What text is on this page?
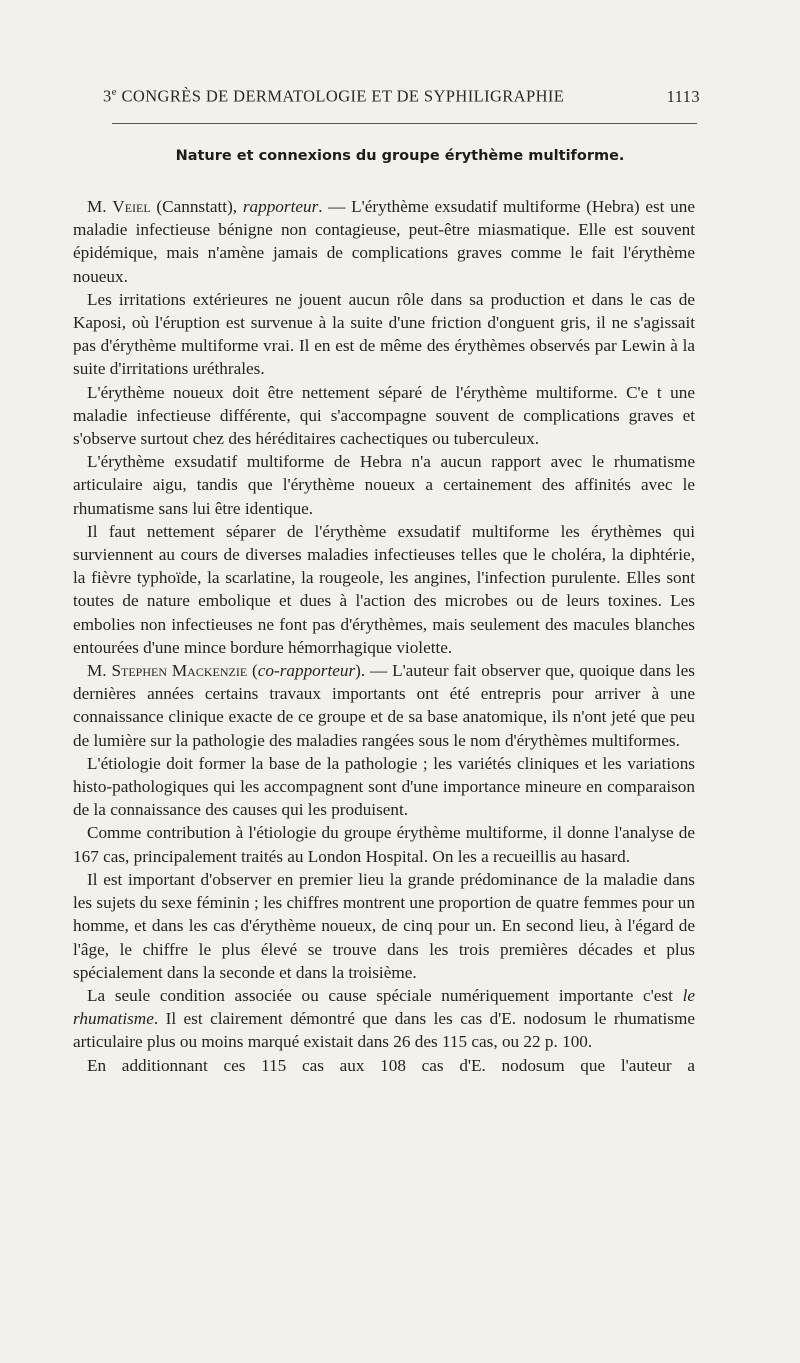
3e CONGRÈS DE DERMATOLOGIE ET DE SYPHILIGRAPHIE	1113
Nature et connexions du groupe érythème multiforme.

M. Veiel (Cannstatt), rapporteur. — L'érythème exsudatif multiforme (Hebra) est une maladie infectieuse bénigne non contagieuse, peut-être miasmatique. Elle est souvent épidémique, mais n'amène jamais de complications graves comme le fait l'érythème noueux.

Les irritations extérieures ne jouent aucun rôle dans sa production et dans le cas de Kaposi, où l'éruption est survenue à la suite d'une friction d'onguent gris, il ne s'agissait pas d'érythème multiforme vrai. Il en est de même des érythèmes observés par Lewin à la suite d'irritations uréthrales.

L'érythème noueux doit être nettement séparé de l'érythème multiforme. C'e t une maladie infectieuse différente, qui s'accompagne souvent de complications graves et s'observe surtout chez des héréditaires cachectiques ou tuberculeux.

L'érythème exsudatif multiforme de Hebra n'a aucun rapport avec le rhumatisme articulaire aigu, tandis que l'érythème noueux a certainement des affinités avec le rhumatisme sans lui être identique.

Il faut nettement séparer de l'érythème exsudatif multiforme les érythèmes qui surviennent au cours de diverses maladies infectieuses telles que le choléra, la diphtérie, la fièvre typhoïde, la scarlatine, la rougeole, les angines, l'infection purulente. Elles sont toutes de nature embolique et dues à l'action des microbes ou de leurs toxines. Les embolies non infectieuses ne font pas d'érythèmes, mais seulement des macules blanches entourées d'une mince bordure hémorrhagique violette.

M. Stephen Mackenzie (co-rapporteur). — L'auteur fait observer que, quoique dans les dernières années certains travaux importants ont été entrepris pour arriver à une connaissance clinique exacte de ce groupe et de sa base anatomique, ils n'ont jeté que peu de lumière sur la pathologie des maladies rangées sous le nom d'érythèmes multiformes.

L'étiologie doit former la base de la pathologie ; les variétés cliniques et les variations histo-pathologiques qui les accompagnent sont d'une importance mineure en comparaison de la connaissance des causes qui les produisent.

Comme contribution à l'étiologie du groupe érythème multiforme, il donne l'analyse de 167 cas, principalement traités au London Hospital. On les a recueillis au hasard.

Il est important d'observer en premier lieu la grande prédominance de la maladie dans les sujets du sexe féminin ; les chiffres montrent une proportion de quatre femmes pour un homme, et dans les cas d'érythème noueux, de cinq pour un. En second lieu, à l'égard de l'âge, le chiffre le plus élevé se trouve dans les trois premières décades et plus spécialement dans la seconde et dans la troisième.

La seule condition associée ou cause spéciale numériquement importante c'est le rhumatisme. Il est clairement démontré que dans les cas d'E. nodosum le rhumatisme articulaire plus ou moins marqué existait dans 26 des 115 cas, ou 22 p. 100.

En additionnant ces 115 cas aux 108 cas d'E. nodosum que l'auteur a
